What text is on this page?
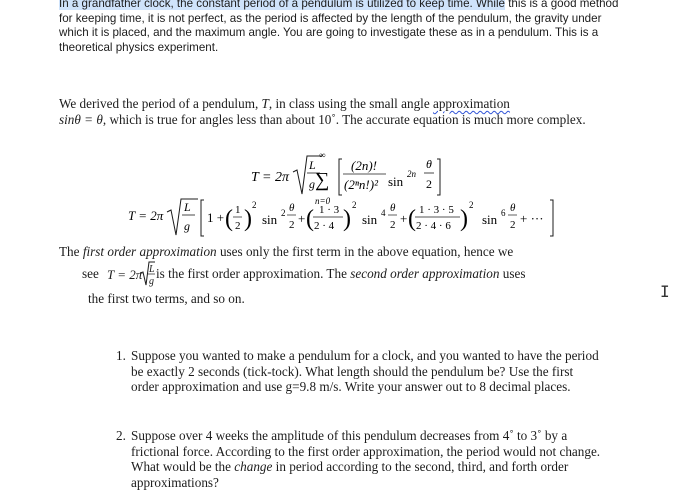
In a grandfather clock, the constant period of a pendulum is utilized to keep time. While this is a good method for keeping time, it is not perfect, as the period is affected by the length of the pendulum, the gravity under which it is placed, and the maximum angle. You are going to investigate these as in a pendulum. This is a theoretical physics experiment.
We derived the period of a pendulum, T, in class using the small angle approximation
sinθ = θ, which is true for angles less than about 10˚. The accurate equation is much more complex.
T = 2π
L
g
∞
∑
n=0
(2n)!
(2ⁿn!)² sin 2n
θ
2
T = 2π
L
g
1 + ( 1
2 )
2
sin 2 θ
2 + ( 1 · 3
2 · 4 )
2
sin 4 θ
2 + ( 1 · 3 · 5
2 · 4 · 6 )
2
sin 6 θ
2 + ···
The first order approximation uses only the first term in the above equation, hence we
see T = 2π L
g
is the first order approximation. The second order approximation uses
the first two terms, and so on.
1. Suppose you wanted to make a pendulum for a clock, and you wanted to have the period be exactly 2 seconds (tick-tock). What length should the pendulum be? Use the first order approximation and use g=9.8 m/s. Write your answer out to 8 decimal places.
2. Suppose over 4 weeks the amplitude of this pendulum decreases from 4˚ to 3˚ by a frictional force. According to the first order approximation, the period would not change. What would be the change in period according to the second, third, and forth order approximations?
I
